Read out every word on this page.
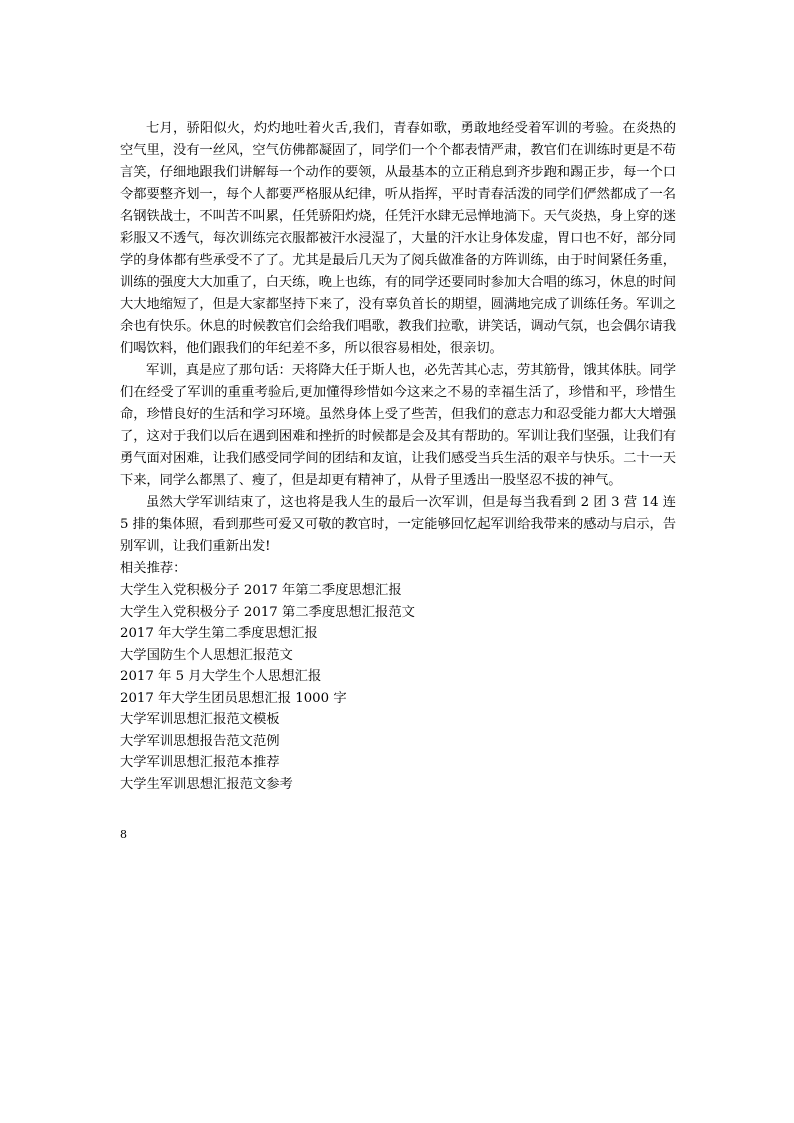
七月，骄阳似火，灼灼地吐着火舌,我们，青春如歌，勇敢地经受着军训的考验。在炎热的空气里，没有一丝风，空气仿佛都凝固了，同学们一个个都表情严肃，教官们在训练时更是不苟言笑，仔细地跟我们讲解每一个动作的要领，从最基本的立正稍息到齐步跑和踢正步，每一个口令都要整齐划一，每个人都要严格服从纪律，听从指挥，平时青春活泼的同学们俨然都成了一名名钢铁战士，不叫苦不叫累，任凭骄阳灼烧，任凭汗水肆无忌惮地淌下。天气炎热，身上穿的迷彩服又不透气，每次训练完衣服都被汗水浸湿了，大量的汗水让身体发虚，胃口也不好，部分同学的身体都有些承受不了了。尤其是最后几天为了阅兵做准备的方阵训练，由于时间紧任务重，训练的强度大大加重了，白天练，晚上也练，有的同学还要同时参加大合唱的练习，休息的时间大大地缩短了，但是大家都坚持下来了，没有辜负首长的期望，圆满地完成了训练任务。军训之余也有快乐。休息的时候教官们会给我们唱歌，教我们拉歌，讲笑话，调动气氛，也会偶尔请我们喝饮料，他们跟我们的年纪差不多，所以很容易相处，很亲切。

军训，真是应了那句话：天将降大任于斯人也，必先苦其心志，劳其筋骨，饿其体肤。同学们在经受了军训的重重考验后,更加懂得珍惜如今这来之不易的幸福生活了，珍惜和平，珍惜生命，珍惜良好的生活和学习环境。虽然身体上受了些苦，但我们的意志力和忍受能力都大大增强了，这对于我们以后在遇到困难和挫折的时候都是会及其有帮助的。军训让我们坚强，让我们有勇气面对困难，让我们感受同学间的团结和友谊，让我们感受当兵生活的艰辛与快乐。二十一天下来，同学么都黑了、瘦了，但是却更有精神了，从骨子里透出一股坚忍不拔的神气。

虽然大学军训结束了，这也将是我人生的最后一次军训，但是每当我看到 2 团 3 营 14 连 5 排的集体照，看到那些可爱又可敬的教官时，一定能够回忆起军训给我带来的感动与启示，告别军训，让我们重新出发!

相关推荐：

大学生入党积极分子 2017 年第二季度思想汇报
大学生入党积极分子 2017 第二季度思想汇报范文
2017 年大学生第二季度思想汇报
大学国防生个人思想汇报范文
2017 年 5 月大学生个人思想汇报
2017 年大学生团员思想汇报 1000 字
大学军训思想汇报范文模板
大学军训思想报告范文范例
大学军训思想汇报范本推荐
大学生军训思想汇报范文参考
8
